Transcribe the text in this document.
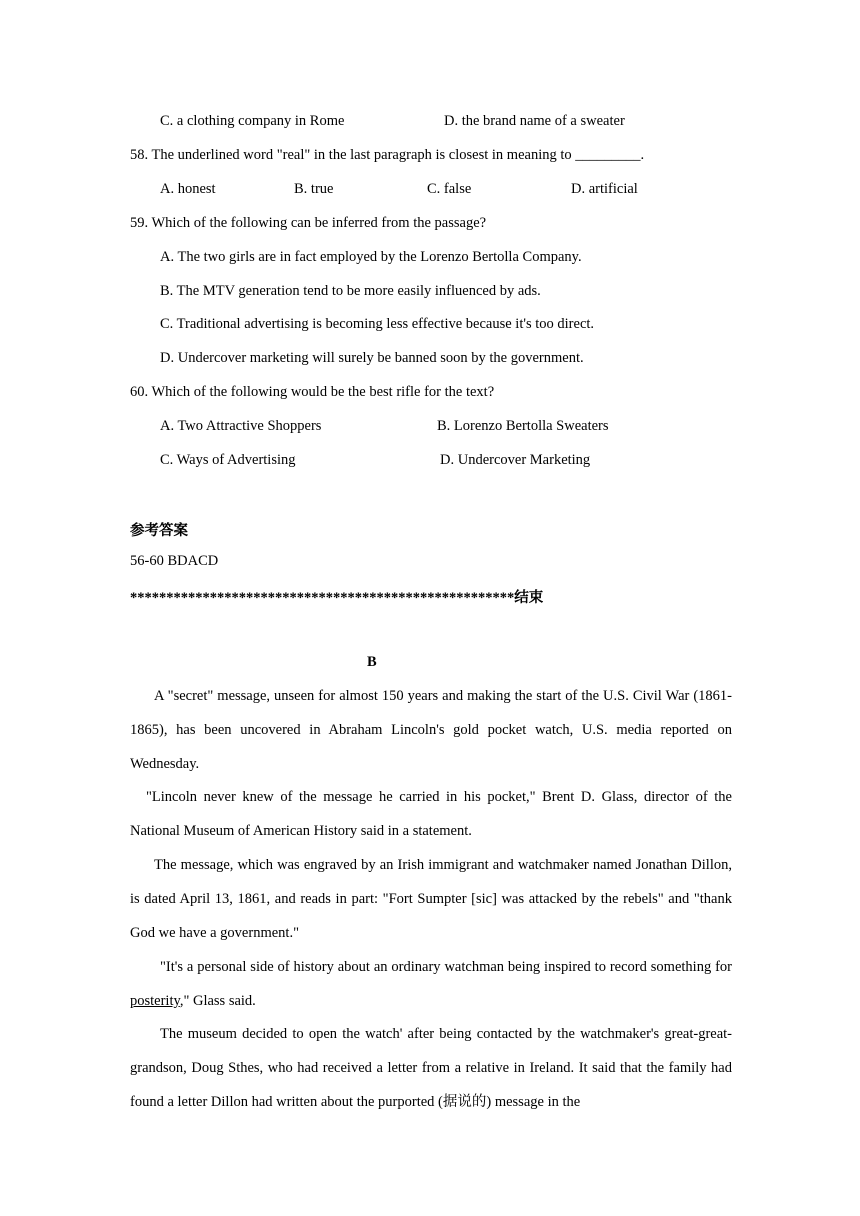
C. a clothing company in Rome	D. the brand name of a sweater
58. The underlined word "real" in the last paragraph is closest in meaning to _________.
A. honest	B. true	C. false	D. artificial
59. Which of the following can be inferred from the passage?
A. The two girls are in fact employed by the Lorenzo Bertolla Company.
B. The MTV generation tend to be more easily influenced by ads.
C. Traditional advertising is becoming less effective because it's too direct.
D. Undercover marketing will surely be banned soon by the government.
60. Which of the following would be the best rifle for the text?
A. Two Attractive Shoppers	B. Lorenzo Bertolla Sweaters
C. Ways of Advertising	D. Undercover Marketing
参考答案
56-60 BDACD
*****************************************************结束
B

A "secret" message, unseen for almost 150 years and making the start of the U.S. Civil War (1861-1865), has been uncovered in Abraham Lincoln's gold pocket watch, U.S. media reported on Wednesday.

"Lincoln never knew of the message he carried in his pocket," Brent D. Glass, director of the National Museum of American History said in a statement.

The message, which was engraved by an Irish immigrant and watchmaker named Jonathan Dillon, is dated April 13, 1861, and reads in part: "Fort Sumpter [sic] was attacked by the rebels" and "thank God we have a government."

"It's a personal side of history about an ordinary watchman being inspired to record something for posterity," Glass said.

The museum decided to open the watch' after being contacted by the watchmaker's great-great-grandson, Doug Sthes, who had received a letter from a relative in Ireland. It said that the family had found a letter Dillon had written about the purported (据说的) message in the
